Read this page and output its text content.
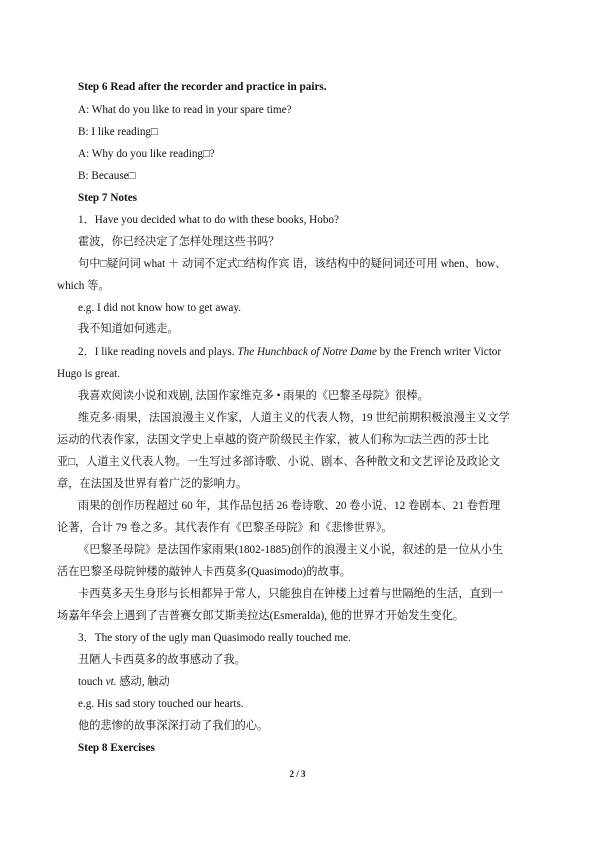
Step 6 Read after the recorder and practice in pairs.
A: What do you like to read in your spare time?
B: I like reading□
A: Why do you like reading□?
B: Because□
Step 7 Notes
1．Have you decided what to do with these books, Hobo?
霍波，你已经决定了怎样处理这些书吗？
句中□疑问词 what ＋ 动词不定式□结构作宾 语，该结构中的疑问词还可用 when、how、
which 等。
e.g. I did not know how to get away.
我不知道如何逃走。
2．I like reading novels and plays. The Hunchback of Notre Dame by the French writer Victor
Hugo is great.
我喜欢阅读小说和戏剧, 法国作家维克多 • 雨果的《巴黎圣母院》很棒。
维克多·雨果，法国浪漫主义作家，人道主义的代表人物，19 世纪前期积极浪漫主义文学
运动的代表作家，法国文学史上卓越的资产阶级民主作家，被人们称为□法兰西的莎士比
亚□，人道主义代表人物。一生写过多部诗歌、小说、剧本、各种散文和文艺评论及政论文
章，在法国及世界有着广泛的影响力。
雨果的创作历程超过 60 年，其作品包括 26 卷诗歌、20 卷小说、12 卷剧本、21 卷哲理
论著，合计 79 卷之多。其代表作有《巴黎圣母院》和《悲惨世界》。
《巴黎圣母院》是法国作家雨果(1802-1885)创作的浪漫主义小说，叙述的是一位从小生
活在巴黎圣母院钟楼的敲钟人卡西莫多(Quasimodo)的故事。
卡西莫多天生身形与长相都异于常人，只能独自在钟楼上过着与世隔绝的生活，直到一
场嘉年华会上遇到了吉普赛女郎艾斯美拉达(Esmeralda), 他的世界才开始发生变化。
3．The story of the ugly man Quasimodo really touched me.
丑陋人卡西莫多的故事感动了我。
touch vt. 感动, 触动
e.g. His sad story touched our hearts.
他的悲惨的故事深深打动了我们的心。
Step 8 Exercises
2 / 3
